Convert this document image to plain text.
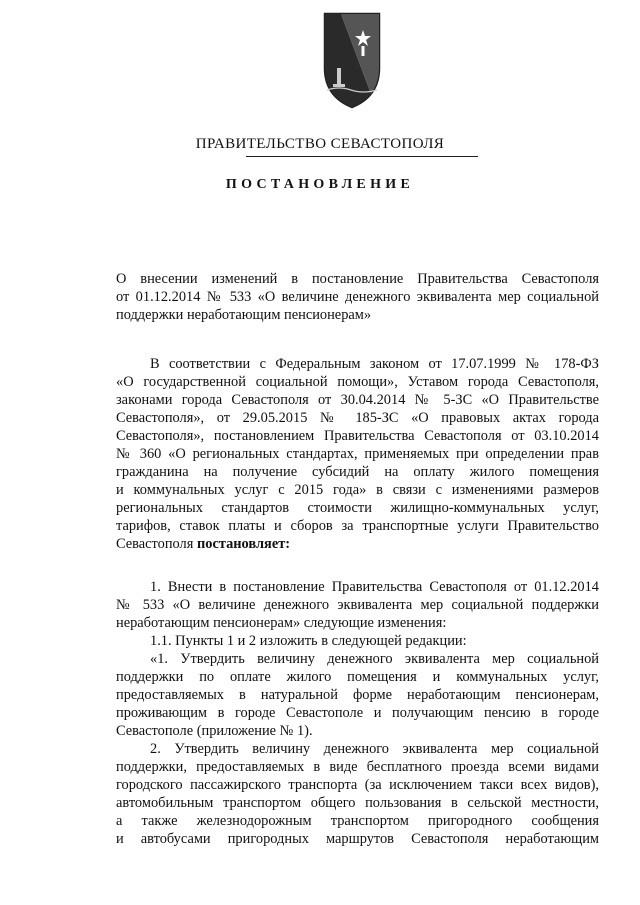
ПРАВИТЕЛЬСТВО СЕВАСТОПОЛЯ
ПОСТАНОВЛЕНИЕ
О внесении изменений в постановление Правительства Севастополя
от 01.12.2014 № 533 «О величине денежного эквивалента мер социальной
поддержки неработающим пенсионерам»
В соответствии с Федеральным законом от 17.07.1999 № 178-ФЗ
«О государственной социальной помощи», Уставом города Севастополя,
законами города Севастополя от 30.04.2014 № 5-ЗС «О Правительстве
Севастополя», от 29.05.2015 № 185-ЗС «О правовых актах города
Севастополя», постановлением Правительства Севастополя от 03.10.2014
№ 360 «О региональных стандартах, применяемых при определении прав
гражданина на получение субсидий на оплату жилого помещения
и коммунальных услуг с 2015 года» в связи с изменениями размеров
региональных стандартов стоимости жилищно-коммунальных услуг,
тарифов, ставок платы и сборов за транспортные услуги Правительство
Севастополя постановляет:
1. Внести в постановление Правительства Севастополя от 01.12.2014
№ 533 «О величине денежного эквивалента мер социальной поддержки
неработающим пенсионерам» следующие изменения:
1.1. Пункты 1 и 2 изложить в следующей редакции:
«1. Утвердить величину денежного эквивалента мер социальной
поддержки по оплате жилого помещения и коммунальных услуг,
предоставляемых в натуральной форме неработающим пенсионерам,
проживающим в городе Севастополе и получающим пенсию в городе
Севастополе (приложение № 1).
2. Утвердить величину денежного эквивалента мер социальной
поддержки, предоставляемых в виде бесплатного проезда всеми видами
городского пассажирского транспорта (за исключением такси всех видов),
автомобильным транспортом общего пользования в сельской местности,
а также железнодорожным транспортом пригородного сообщения
и автобусами пригородных маршрутов Севастополя неработающим
